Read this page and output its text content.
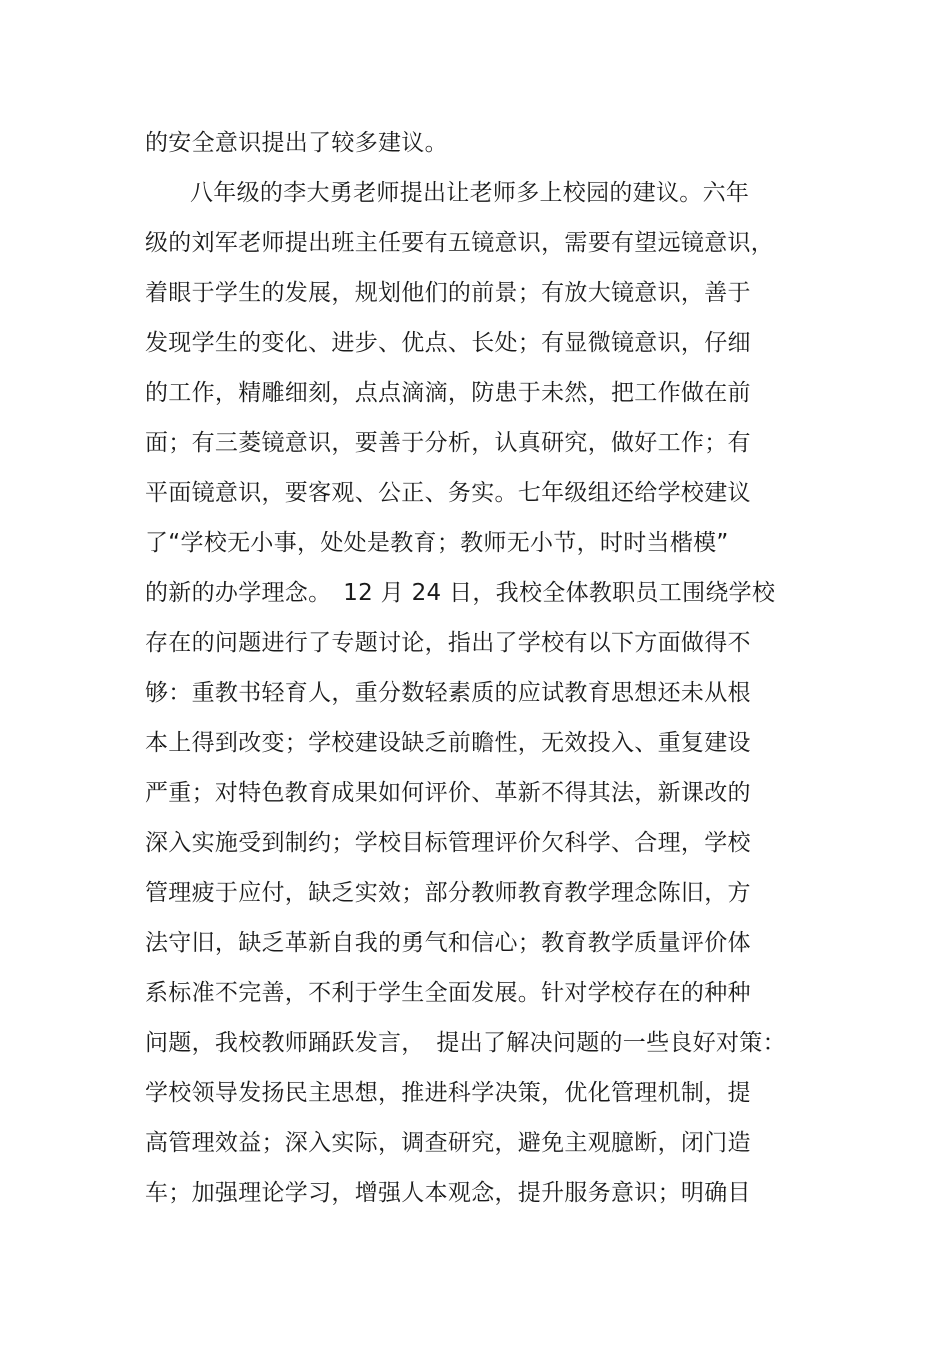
的安全意识提出了较多建议。
八年级的李大勇老师提出让老师多上校园的建议。六年
级的刘军老师提出班主任要有五镜意识，需要有望远镜意识，
着眼于学生的发展，规划他们的前景；有放大镜意识，善于
发现学生的变化、进步、优点、长处；有显微镜意识，仔细
的工作，精雕细刻，点点滴滴，防患于未然，把工作做在前
面；有三菱镜意识，要善于分析，认真研究，做好工作；有
平面镜意识，要客观、公正、务实。七年级组还给学校建议
了“学校无小事，处处是教育；教师无小节，时时当楷模”
的新的办学理念。　12 月 24 日，我校全体教职员工围绕学校
存在的问题进行了专题讨论，指出了学校有以下方面做得不
够：重教书轻育人，重分数轻素质的应试教育思想还未从根
本上得到改变；学校建设缺乏前瞻性，无效投入、重复建设
严重；对特色教育成果如何评价、革新不得其法，新课改的
深入实施受到制约；学校目标管理评价欠科学、合理，学校
管理疲于应付，缺乏实效；部分教师教育教学理念陈旧，方
法守旧，缺乏革新自我的勇气和信心；教育教学质量评价体
系标准不完善，不利于学生全面发展。针对学校存在的种种
问题，我校教师踊跃发言，　提出了解决问题的一些良好对策：
学校领导发扬民主思想，推进科学决策，优化管理机制，提
高管理效益；深入实际，调查研究，避免主观臆断，闭门造
车；加强理论学习，增强人本观念，提升服务意识；明确目
